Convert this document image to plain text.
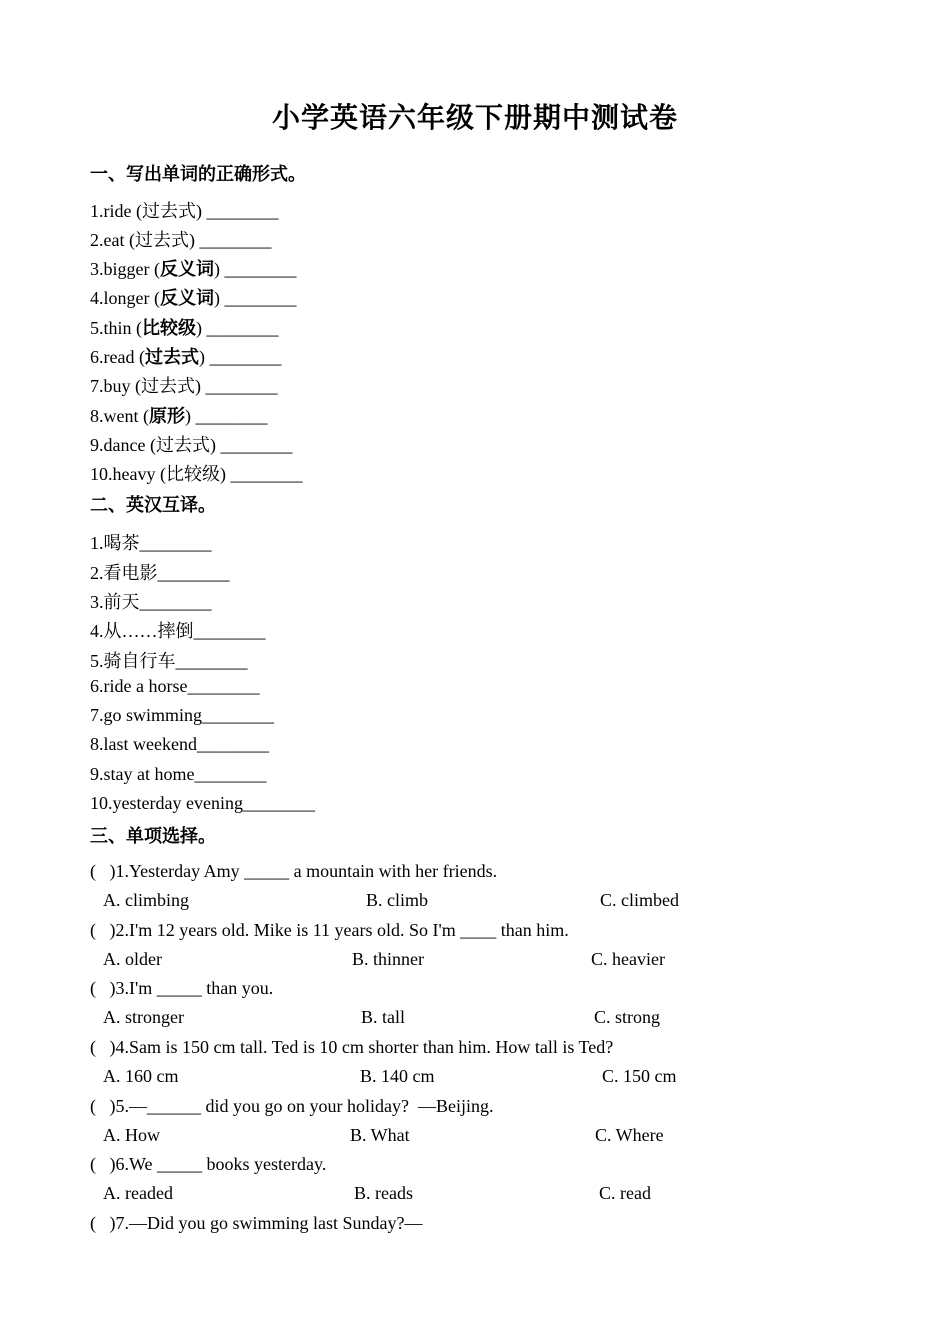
小学英语六年级下册期中测试卷
一、写出单词的正确形式。
1.ride (过去式) ________
2.eat (过去式) ________
3.bigger (反义词) ________
4.longer (反义词) ________
5.thin (比较级) ________
6.read (过去式) ________
7.buy (过去式) ________
8.went (原形) ________
9.dance (过去式) ________
10.heavy (比较级) ________
二、英汉互译。
1.喝茶________
2.看电影________
3.前天________
4.从……摔倒________
5.骑自行车________
6.ride a horse________
7.go swimming________
8.last weekend________
9.stay at home________
10.yesterday evening________
三、单项选择。
(   )1.Yesterday Amy _____ a mountain with her friends.
A. climbing	B. climb	C. climbed
(   )2.I'm 12 years old. Mike is 11 years old. So I'm ____ than him.
A. older	B. thinner	C. heavier
(   )3.I'm _____ than you.
A. stronger	B. tall	C. strong
(   )4.Sam is 150 cm tall. Ted is 10 cm shorter than him. How tall is Ted?
A. 160 cm	B. 140 cm	C. 150 cm
(   )5.—______ did you go on your holiday?  —Beijing.
A. How	B. What	C. Where
(   )6.We _____ books yesterday.
A. readed	B. reads	C. read
(   )7.—Did you go swimming last Sunday?—
